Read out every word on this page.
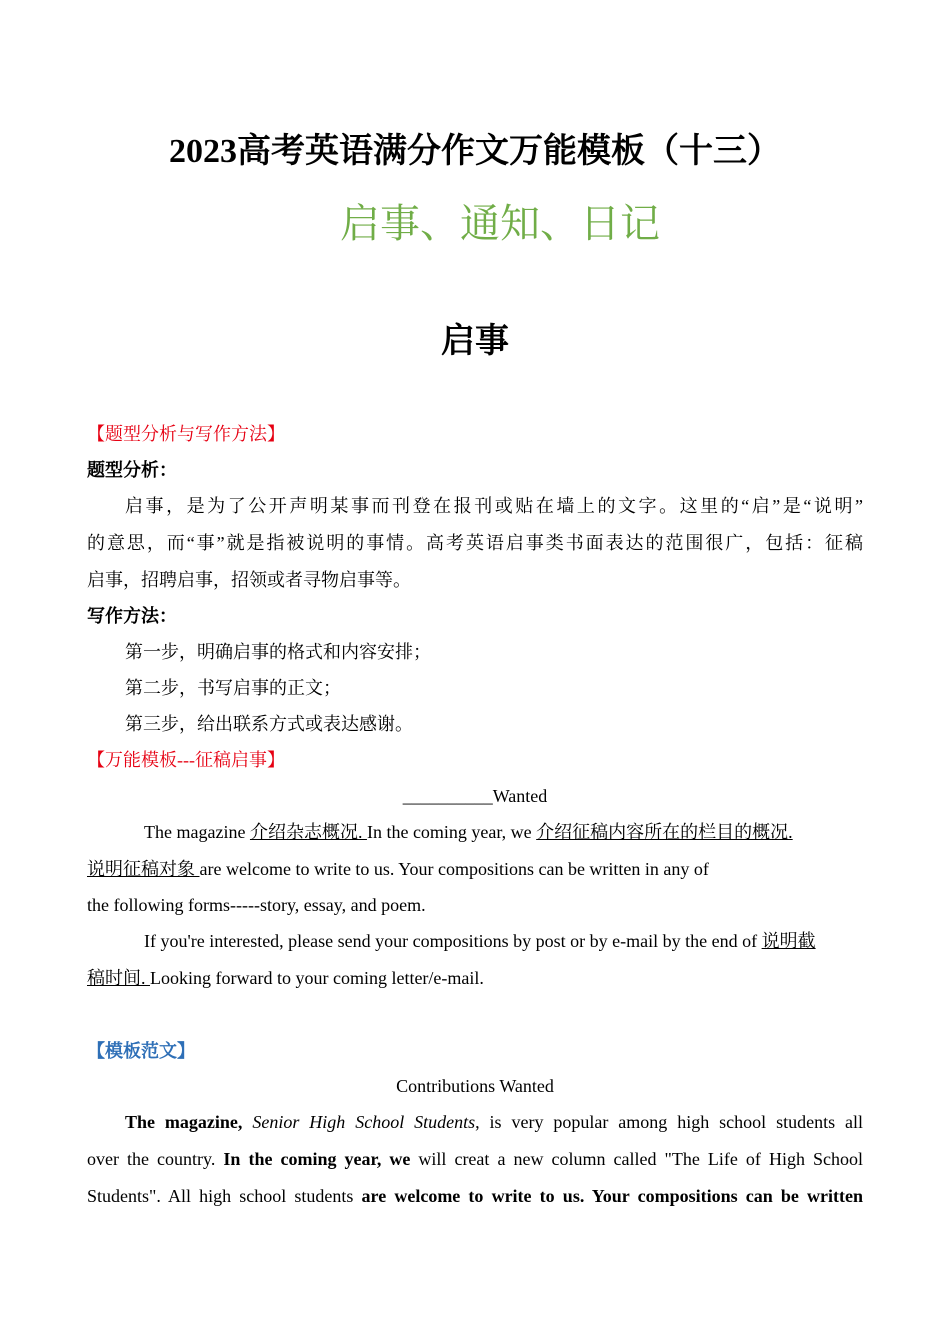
2023高考英语满分作文万能模板（十三）
启事、通知、日记
启事
【题型分析与写作方法】
题型分析：
启事，是为了公开声明某事而刊登在报刊或贴在墙上的文字。这里的“启”是“说明”
的意思，而“事”就是指被说明的事情。高考英语启事类书面表达的范围很广，包括：征稿
启事，招聘启事，招领或者寻物启事等。
写作方法：
第一步，明确启事的格式和内容安排；
第二步，书写启事的正文；
第三步，给出联系方式或表达感谢。
【万能模板---征稿启事】
__________Wanted
The magazine 介绍杂志概况. In the coming year, we 介绍征稿内容所在的栏目的概况.
说明征稿对象 are welcome to write to us. Your compositions can be written in any of
the following forms-----story, essay, and poem.
If you're interested, please send your compositions by post or by e-mail by the end of 说明截
稿时间. Looking forward to your coming letter/e-mail.
【模板范文】
Contributions Wanted
The magazine, Senior High School Students, is very popular among high school students all
over the country. In the coming year, we will creat a new column called "The Life of High School
Students". All high school students are welcome to write to us. Your compositions can be written
